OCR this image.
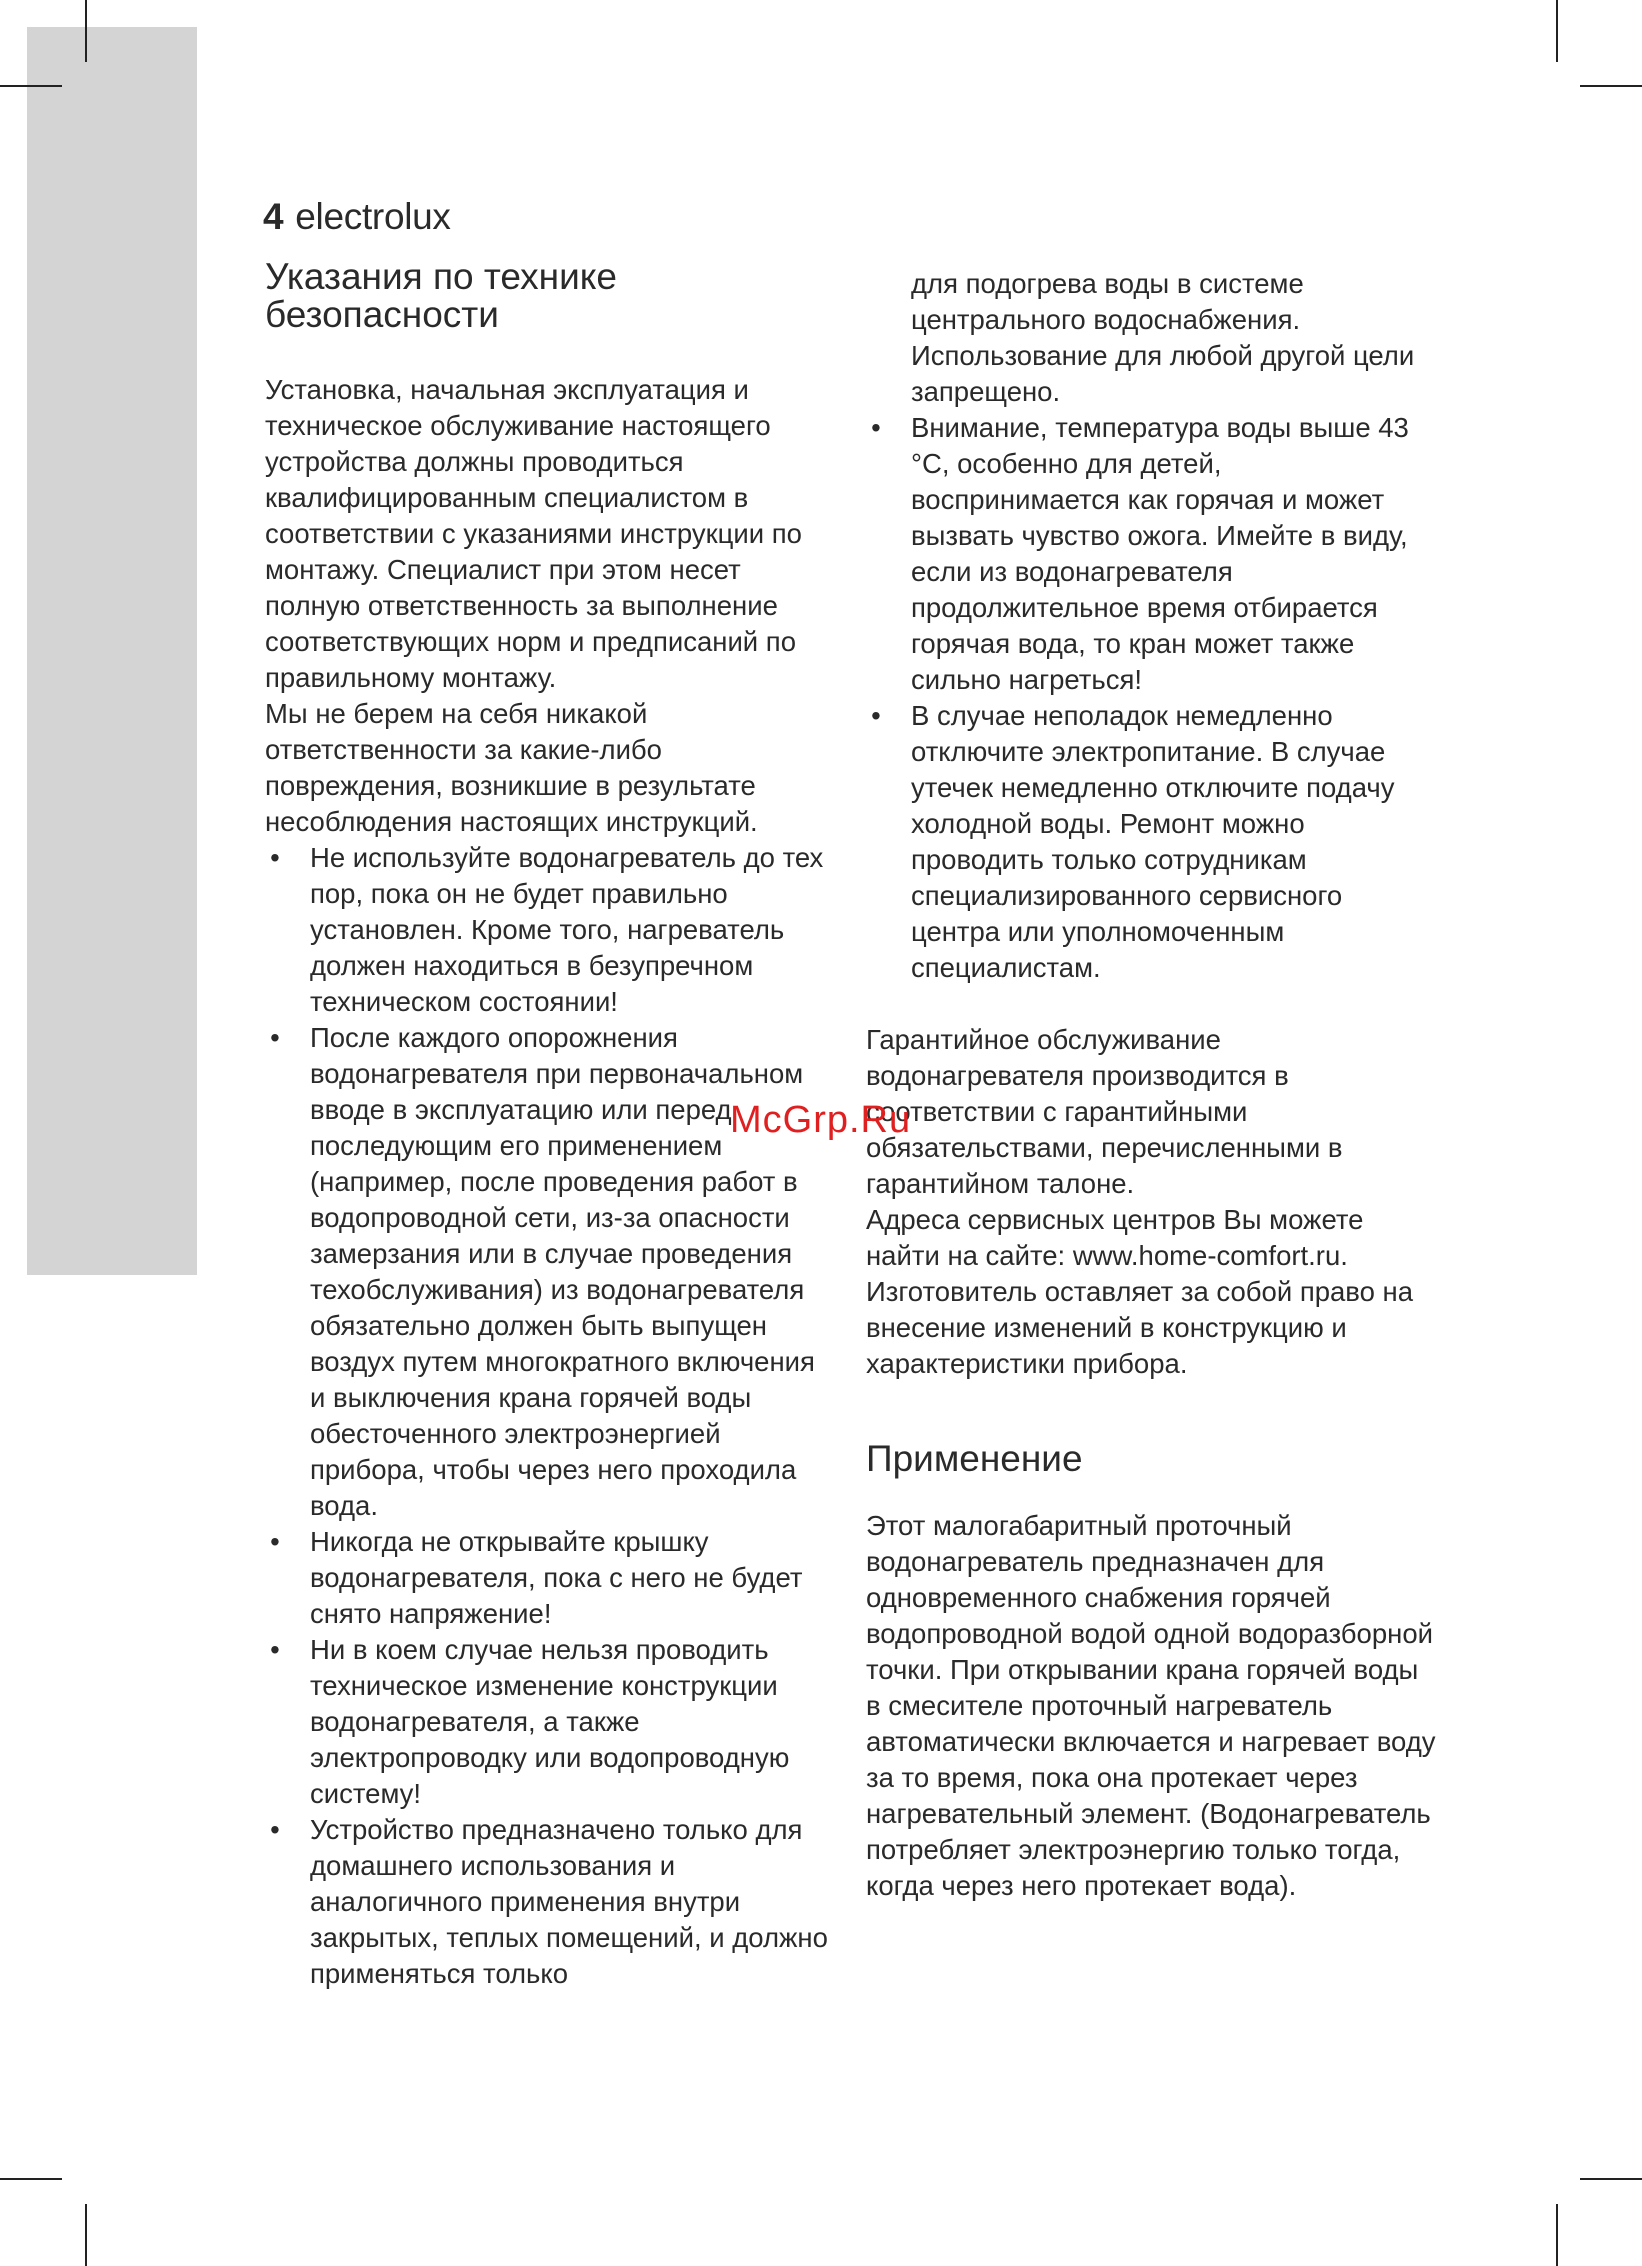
4 electrolux
Указания по технике безопасности

Установка, начальная эксплуатация и техническое обслуживание настоящего устройства должны проводиться квалифицированным специалистом в соответствии с указаниями инструкции по монтажу. Специалист при этом несет полную ответственность за выполнение соответствующих норм и предписаний по правильному монтажу.

Мы не берем на себя никакой ответственности за какие-либо повреждения, возникшие в результате несоблюдения настоящих инструкций.

• Не используйте водонагреватель до тех пор, пока он не будет правильно установлен. Кроме того, нагреватель должен находиться в безупречном техническом состоянии!
• После каждого опорожнения водонагревателя при первоначальном вводе в эксплуатацию или перед последующим его применением (например, после проведения работ в водопроводной сети, из-за опасности замерзания или в случае проведения техобслуживания) из водонагревателя обязательно должен быть выпущен воздух путем многократного включения и выключения крана горячей воды обесточенного электроэнергией прибора, чтобы через него проходила вода.
• Никогда не открывайте крышку водонагревателя, пока с него не будет снято напряжение!
• Ни в коем случае нельзя проводить техническое изменение конструкции водонагревателя, а также электропроводку или водопроводную систему!
• Устройство предназначено только для домашнего использования и аналогичного применения внутри закрытых, теплых помещений, и должно применяться только

для подогрева воды в системе центрального водоснабжения. Использование для любой другой цели запрещено.

• Внимание, температура воды выше 43 °C, особенно для детей, воспринимается как горячая и может вызвать чувство ожога. Имейте в виду, если из водонагревателя продолжительное время отбирается горячая вода, то кран может также сильно нагреться!
• В случае неполадок немедленно отключите электропитание. В случае утечек немедленно отключите подачу холодной воды. Ремонт можно проводить только сотрудникам специализированного сервисного центра или уполномоченным специалистам.

Гарантийное обслуживание водонагревателя производится в соответствии с гарантийными обязательствами, перечисленными в гарантийном талоне.

Адреса сервисных центров Вы можете найти на сайте: www.home-comfort.ru.

Изготовитель оставляет за собой право на внесение изменений в конструкцию и характеристики прибора.

Применение

Этот малогабаритный проточный водонагреватель предназначен для одновременного снабжения горячей водопроводной водой одной водоразборной точки. При открывании крана горячей воды в смесителе проточный нагреватель автоматически включается и нагревает воду за то время, пока она протекает через нагревательный элемент. (Водонагреватель потребляет электроэнергию только тогда, когда через него протекает вода).

McGrp.Ru
